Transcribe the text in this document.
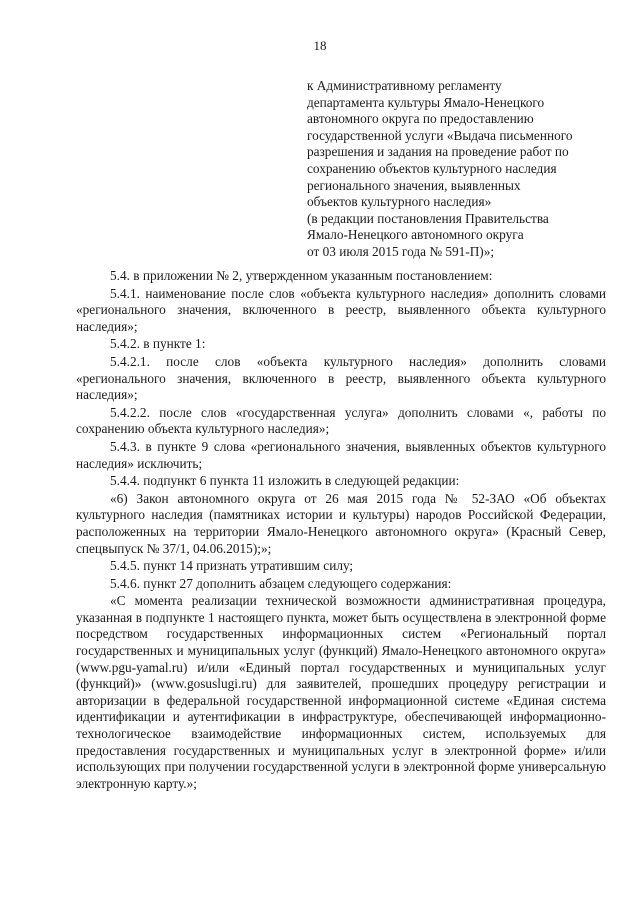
18
к Административному регламенту
департамента культуры Ямало-Ненецкого
автономного округа по предоставлению
государственной услуги «Выдача письменного
разрешения и задания на проведение работ по
сохранению объектов культурного наследия
регионального значения, выявленных
объектов культурного наследия»
(в редакции постановления Правительства
Ямало-Ненецкого автономного округа
от 03 июля 2015 года № 591-П)»;

5.4. в приложении № 2, утвержденном указанным постановлением:

5.4.1. наименование после слов «объекта культурного наследия» дополнить словами «регионального значения, включенного в реестр, выявленного объекта культурного наследия»;

5.4.2. в пункте 1:

5.4.2.1. после слов «объекта культурного наследия» дополнить словами «регионального значения, включенного в реестр, выявленного объекта культурного наследия»;

5.4.2.2. после слов «государственная услуга» дополнить словами «, работы по сохранению объекта культурного наследия»;

5.4.3. в пункте 9 слова «регионального значения, выявленных объектов культурного наследия» исключить;

5.4.4. подпункт 6 пункта 11 изложить в следующей редакции:

«6) Закон автономного округа от 26 мая 2015 года № 52-ЗАО «Об объектах культурного наследия (памятниках истории и культуры) народов Российской Федерации, расположенных на территории Ямало-Ненецкого автономного округа» (Красный Север, спецвыпуск № 37/1, 04.06.2015);»;

5.4.5. пункт 14 признать утратившим силу;

5.4.6. пункт 27 дополнить абзацем следующего содержания:

«С момента реализации технической возможности административная процедура, указанная в подпункте 1 настоящего пункта, может быть осуществлена в электронной форме посредством государственных информационных систем «Региональный портал государственных и муниципальных услуг (функций) Ямало-Ненецкого автономного округа» (www.pgu-yamal.ru) и/или «Единый портал государственных и муниципальных услуг (функций)» (www.gosuslugi.ru) для заявителей, прошедших процедуру регистрации и авторизации в федеральной государственной информационной системе «Единая система идентификации и аутентификации в инфраструктуре, обеспечивающей информационно-технологическое взаимодействие информационных систем, используемых для предоставления государственных и муниципальных услуг в электронной форме» и/или использующих при получении государственной услуги в электронной форме универсальную электронную карту.»;
